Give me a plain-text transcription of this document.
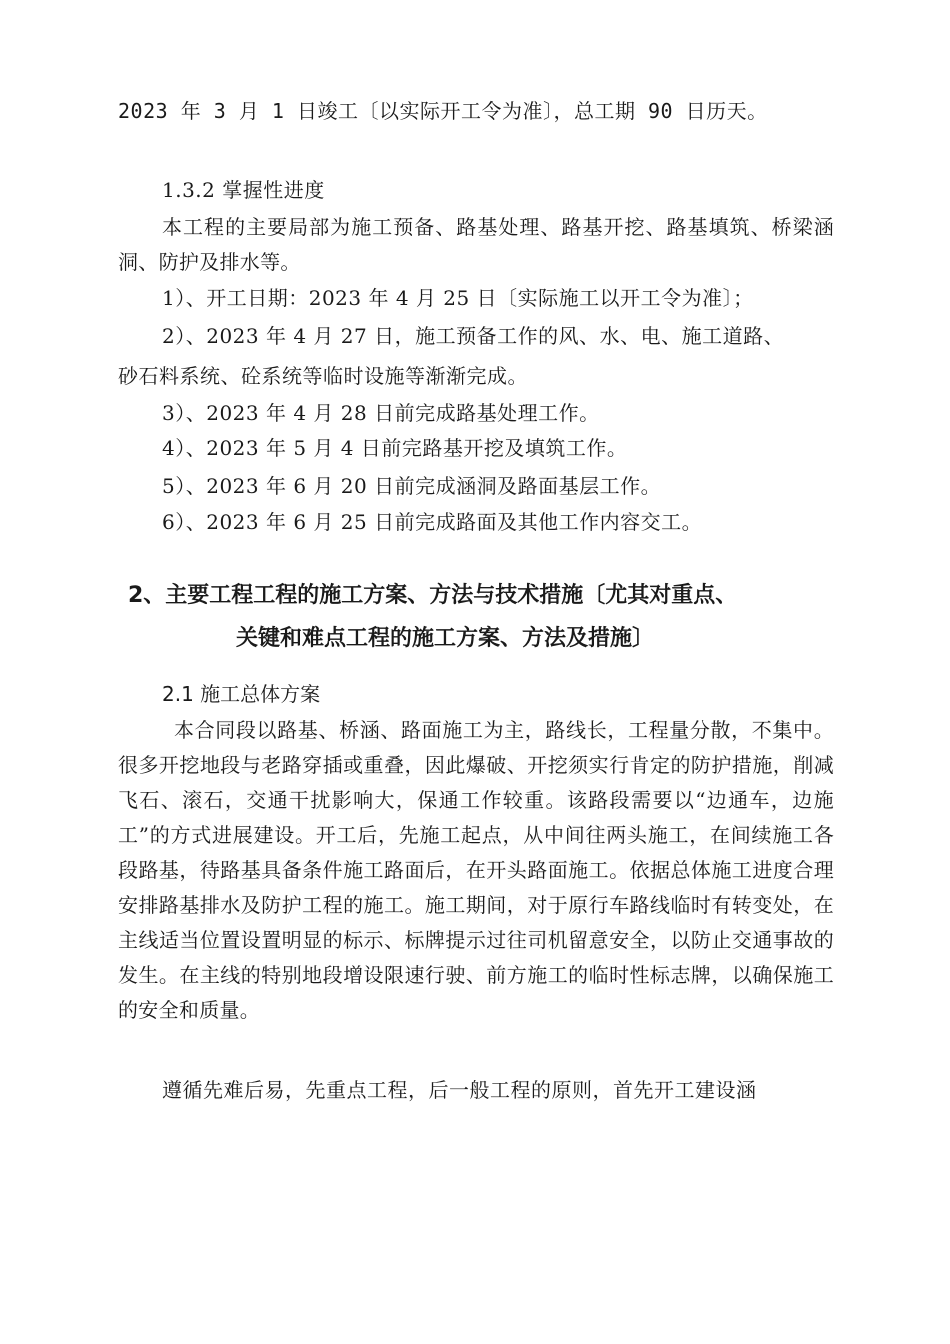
2023 年 3 月 1 日竣工〔以实际开工令为准〕，总工期 90 日历天。
1.3.2 掌握性进度
本工程的主要局部为施工预备、路基处理、路基开挖、路基填筑、桥梁涵洞、防护及排水等。
1）、开工日期：2023 年 4 月 25 日〔实际施工以开工令为准〕；
2）、2023 年 4 月 27 日，施工预备工作的风、水、电、施工道路、
砂石料系统、砼系统等临时设施等渐渐完成。
3）、2023 年 4 月 28 日前完成路基处理工作。
4）、2023 年 5 月 4 日前完路基开挖及填筑工作。
5）、2023 年 6 月 20 日前完成涵洞及路面基层工作。
6）、2023 年 6 月 25 日前完成路面及其他工作内容交工。
2、主要工程工程的施工方案、方法与技术措施〔尤其对重点、
关键和难点工程的施工方案、方法及措施〕
2.1 施工总体方案
本合同段以路基、桥涵、路面施工为主，路线长，工程量分散，不集中。很多开挖地段与老路穿插或重叠，因此爆破、开挖须实行肯定的防护措施，削减飞石、滚石，交通干扰影响大，保通工作较重。该路段需要以“边通车，边施工”的方式进展建设。开工后，先施工起点，从中间往两头施工，在间续施工各段路基，待路基具备条件施工路面后，在开头路面施工。依据总体施工进度合理安排路基排水及防护工程的施工。施工期间，对于原行车路线临时有转变处，在主线适当位置设置明显的标示、标牌提示过往司机留意安全，以防止交通事故的发生。在主线的特别地段增设限速行驶、前方施工的临时性标志牌，以确保施工的安全和质量。
遵循先难后易，先重点工程，后一般工程的原则，首先开工建设涵
